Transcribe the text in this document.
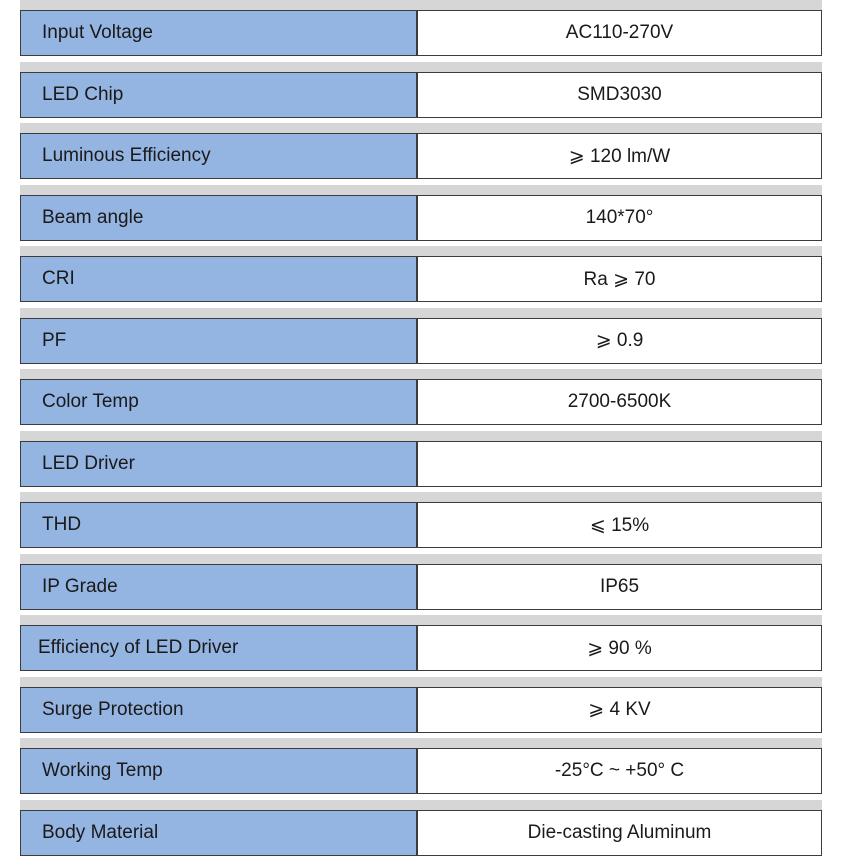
Input Voltage	AC110-270V
LED Chip	SMD3030
Luminous Efficiency	⩾ 120 lm/W
Beam angle	140*70°
CRI	Ra ⩾ 70
PF	⩾ 0.9
Color Temp	2700-6500K
LED Driver
THD	⩽ 15%
IP Grade	IP65
Efficiency of LED Driver	⩾ 90 %
Surge Protection	⩾ 4 KV
Working Temp	-25°C ~ +50° C
Body Material	Die-casting Aluminum
